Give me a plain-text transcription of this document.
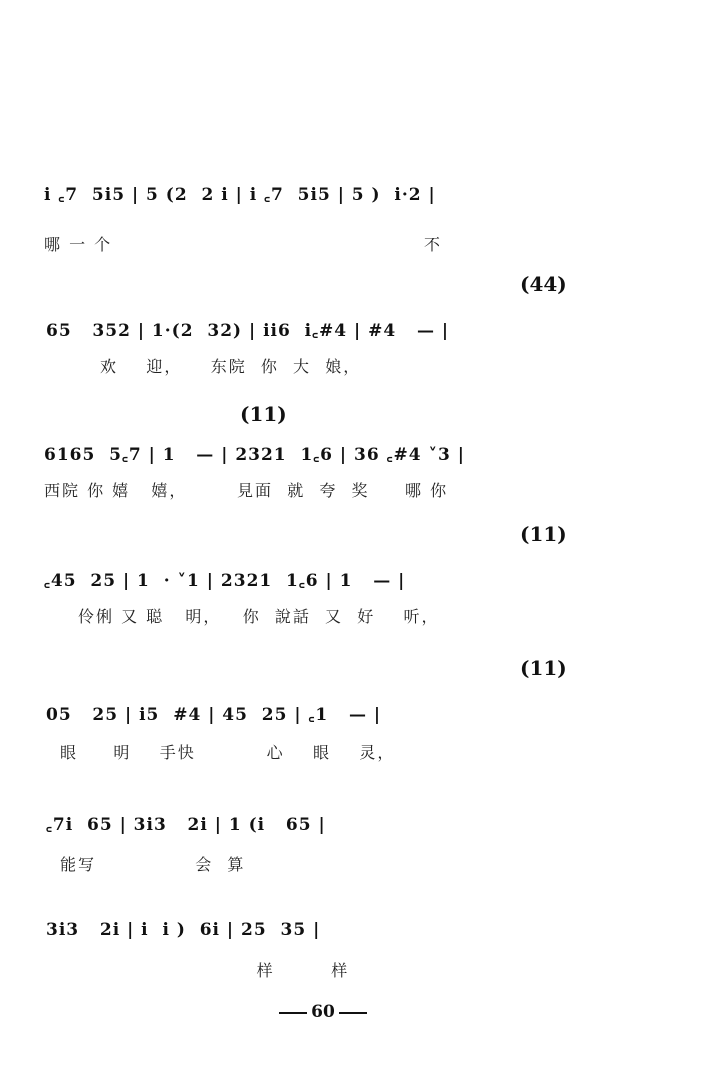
i ꜀7  5i5 | 5 (2  2 i | i ꜀7  5i5 | 5 )  i·2 |
哪 一 个                                            不
(44)
65   352 | 1·(2  32) | ii6  i꜀#4 | #4   — |
欢    迎，    东院  你  大  娘，
(11)
6165  5꜀7 | 1   — | 2321  1꜀6 | 36 ꜀#4 ˅3 |
西院 你 嬉   嬉，       見面  就  夸  奖     哪 你
(11)
꜀45  25 | 1  · ˅1 | 2321  1꜀6 | 1   — |
伶俐 又 聪   明，   你  說話  又  好    听，
(11)
05   25 | i5  #4 | 45  25 | ꜀1   — |
眼     明    手快          心    眼    灵，
꜀7i  65 | 3i3   2i | 1 (i   65 |
能写              会  算
3i3   2i | i  i )  6i | 25  35 |
样        样
60
